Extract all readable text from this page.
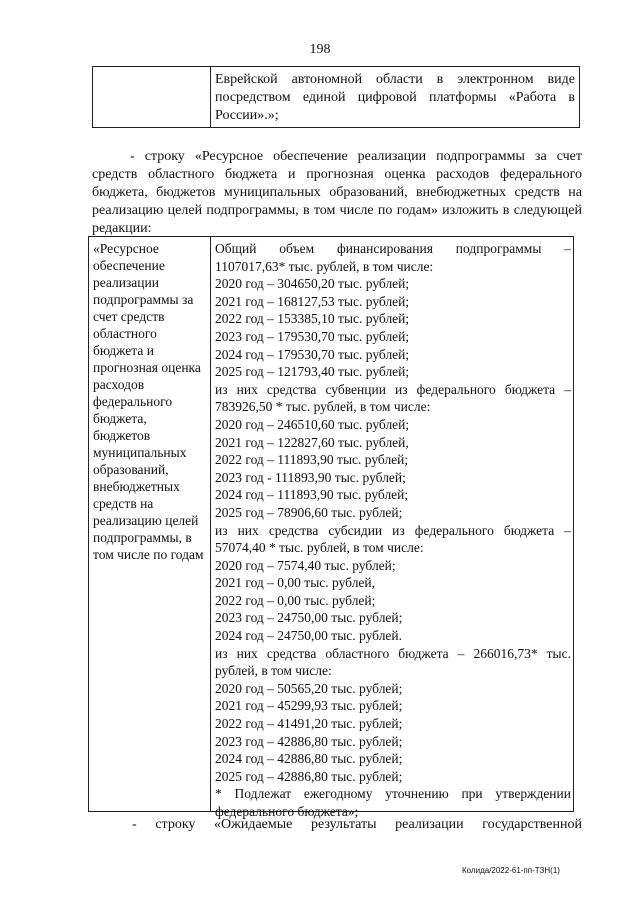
198
Еврейской автономной области в электронном виде посредством единой цифровой платформы «Работа в России».»;
- строку «Ресурсное обеспечение реализации подпрограммы за счет средств областного бюджета и прогнозная оценка расходов федерального бюджета, бюджетов муниципальных образований, внебюджетных средств на реализацию целей подпрограммы, в том числе по годам» изложить в следующей редакции:
«Ресурсное обеспечение реализации подпрограммы за счет средств областного бюджета и прогнозная оценка расходов федерального бюджета, бюджетов муниципальных образований, внебюджетных средств на реализацию целей подпрограммы, в том числе по годам
Общий объем финансирования подпрограммы –
1107017,63* тыс. рублей, в том числе:
2020 год – 304650,20 тыс. рублей;
2021 год – 168127,53 тыс. рублей;
2022 год – 153385,10 тыс. рублей;
2023 год – 179530,70 тыс. рублей;
2024 год – 179530,70 тыс. рублей;
2025 год – 121793,40 тыс. рублей;
из них средства субвенции из федерального бюджета –
783926,50 * тыс. рублей, в том числе:
2020 год – 246510,60 тыс. рублей;
2021 год – 122827,60 тыс. рублей,
2022 год – 111893,90 тыс. рублей;
2023 год - 111893,90 тыс. рублей;
2024 год – 111893,90 тыс. рублей;
2025 год – 78906,60 тыс. рублей;
из них средства субсидии из федерального бюджета –
57074,40 * тыс. рублей, в том числе:
2020 год – 7574,40 тыс. рублей;
2021 год – 0,00 тыс. рублей,
2022 год – 0,00 тыс. рублей;
2023 год – 24750,00 тыс. рублей;
2024 год – 24750,00 тыс. рублей.
из них средства областного бюджета – 266016,73* тыс.
рублей, в том числе:
2020 год – 50565,20 тыс. рублей;
2021 год – 45299,93 тыс. рублей;
2022 год – 41491,20 тыс. рублей;
2023 год – 42886,80 тыс. рублей;
2024 год – 42886,80 тыс. рублей;
2025 год – 42886,80 тыс. рублей;
* Подлежат ежегодному уточнению при утверждении
федерального бюджета»;
- строку «Ожидаемые результаты реализации государственной
Колида/2022-61-пп-ТЗН(1)
